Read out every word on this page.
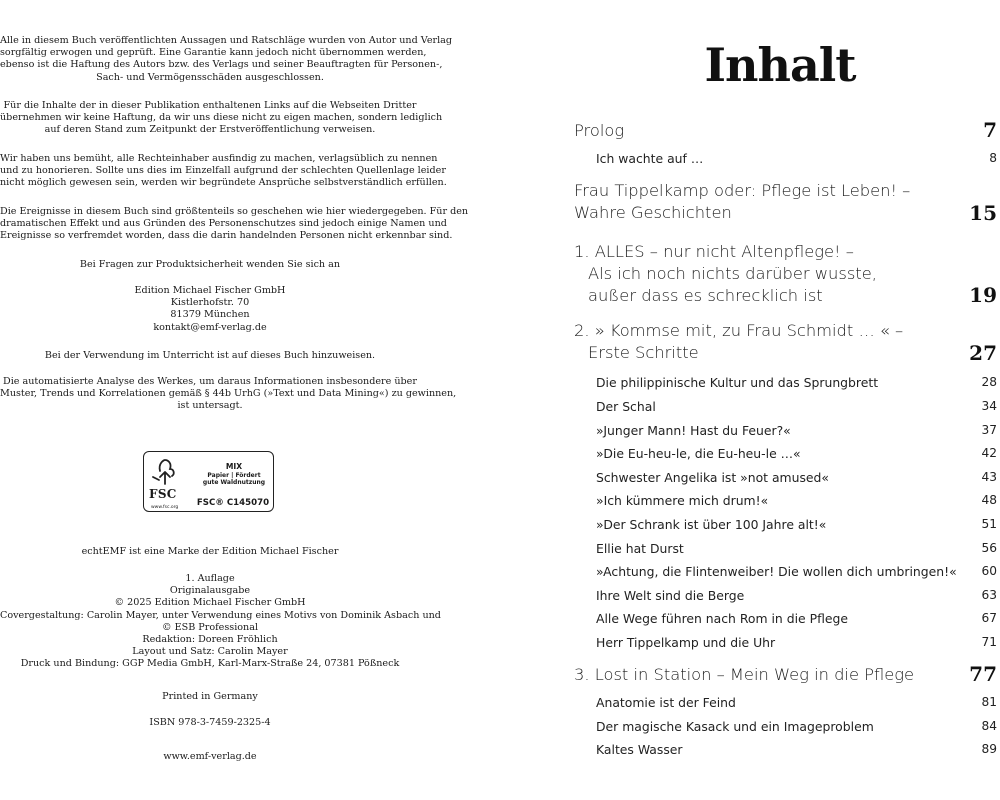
Alle in diesem Buch veröffentlichten Aussagen und Ratschläge wurden von Autor und Verlag
sorgfältig erwogen und geprüft. Eine Garantie kann jedoch nicht übernommen werden,
ebenso ist die Haftung des Autors bzw. des Verlags und seiner Beauftragten für Personen-,
Sach- und Vermögensschäden ausgeschlossen.

Für die Inhalte der in dieser Publikation enthaltenen Links auf die Webseiten Dritter
übernehmen wir keine Haftung, da wir uns diese nicht zu eigen machen, sondern lediglich
auf deren Stand zum Zeitpunkt der Erstveröffentlichung verweisen.

Wir haben uns bemüht, alle Rechteinhaber ausfindig zu machen, verlagsüblich zu nennen
und zu honorieren. Sollte uns dies im Einzelfall aufgrund der schlechten Quellenlage leider
nicht möglich gewesen sein, werden wir begründete Ansprüche selbstverständlich erfüllen.

Die Ereignisse in diesem Buch sind größtenteils so geschehen wie hier wiedergegeben. Für den
dramatischen Effekt und aus Gründen des Personenschutzes sind jedoch einige Namen und
Ereignisse so verfremdet worden, dass die darin handelnden Personen nicht erkennbar sind.

Bei Fragen zur Produktsicherheit wenden Sie sich an

Edition Michael Fischer GmbH
Kistlerhofstr. 70
81379 München
kontakt@emf-verlag.de

Bei der Verwendung im Unterricht ist auf dieses Buch hinzuweisen.

Die automatisierte Analyse des Werkes, um daraus Informationen insbesondere über
Muster, Trends und Korrelationen gemäß § 44b UrhG (»Text und Data Mining«) zu gewinnen,
ist untersagt.

FSC
www.fsc.org
MIX
Papier | Fördert
gute Waldnutzung
FSC® C145070

echtEMF ist eine Marke der Edition Michael Fischer

1. Auflage
Originalausgabe
© 2025 Edition Michael Fischer GmbH
Covergestaltung: Carolin Mayer, unter Verwendung eines Motivs von Dominik Asbach und
© ESB Professional
Redaktion: Doreen Fröhlich
Layout und Satz: Carolin Mayer
Druck und Bindung: GGP Media GmbH, Karl-Marx-Straße 24, 07381 Pößneck

Printed in Germany

ISBN 978-3-7459-2325-4

www.emf-verlag.de

Inhalt
Prolog	7
Ich wachte auf …	8
Frau Tippelkamp oder: Pflege ist Leben! –
Wahre Geschichten	15
1. ALLES – nur nicht Altenpflege! –
Als ich noch nichts darüber wusste,
außer dass es schrecklich ist	19
2. » Kommse mit, zu Frau Schmidt … « –
Erste Schritte	27
Die philippinische Kultur und das Sprungbrett	28
Der Schal	34
»Junger Mann! Hast du Feuer?«	37
»Die Eu-heu-le, die Eu-heu-le …«	42
Schwester Angelika ist »not amused«	43
»Ich kümmere mich drum!«	48
»Der Schrank ist über 100 Jahre alt!«	51
Ellie hat Durst	56
»Achtung, die Flintenweiber! Die wollen dich umbringen!« 60
Ihre Welt sind die Berge	63
Alle Wege führen nach Rom in die Pflege	67
Herr Tippelkamp und die Uhr	71
3. Lost in Station – Mein Weg in die Pflege	77
Anatomie ist der Feind	81
Der magische Kasack und ein Imageproblem	84
Kaltes Wasser	89
